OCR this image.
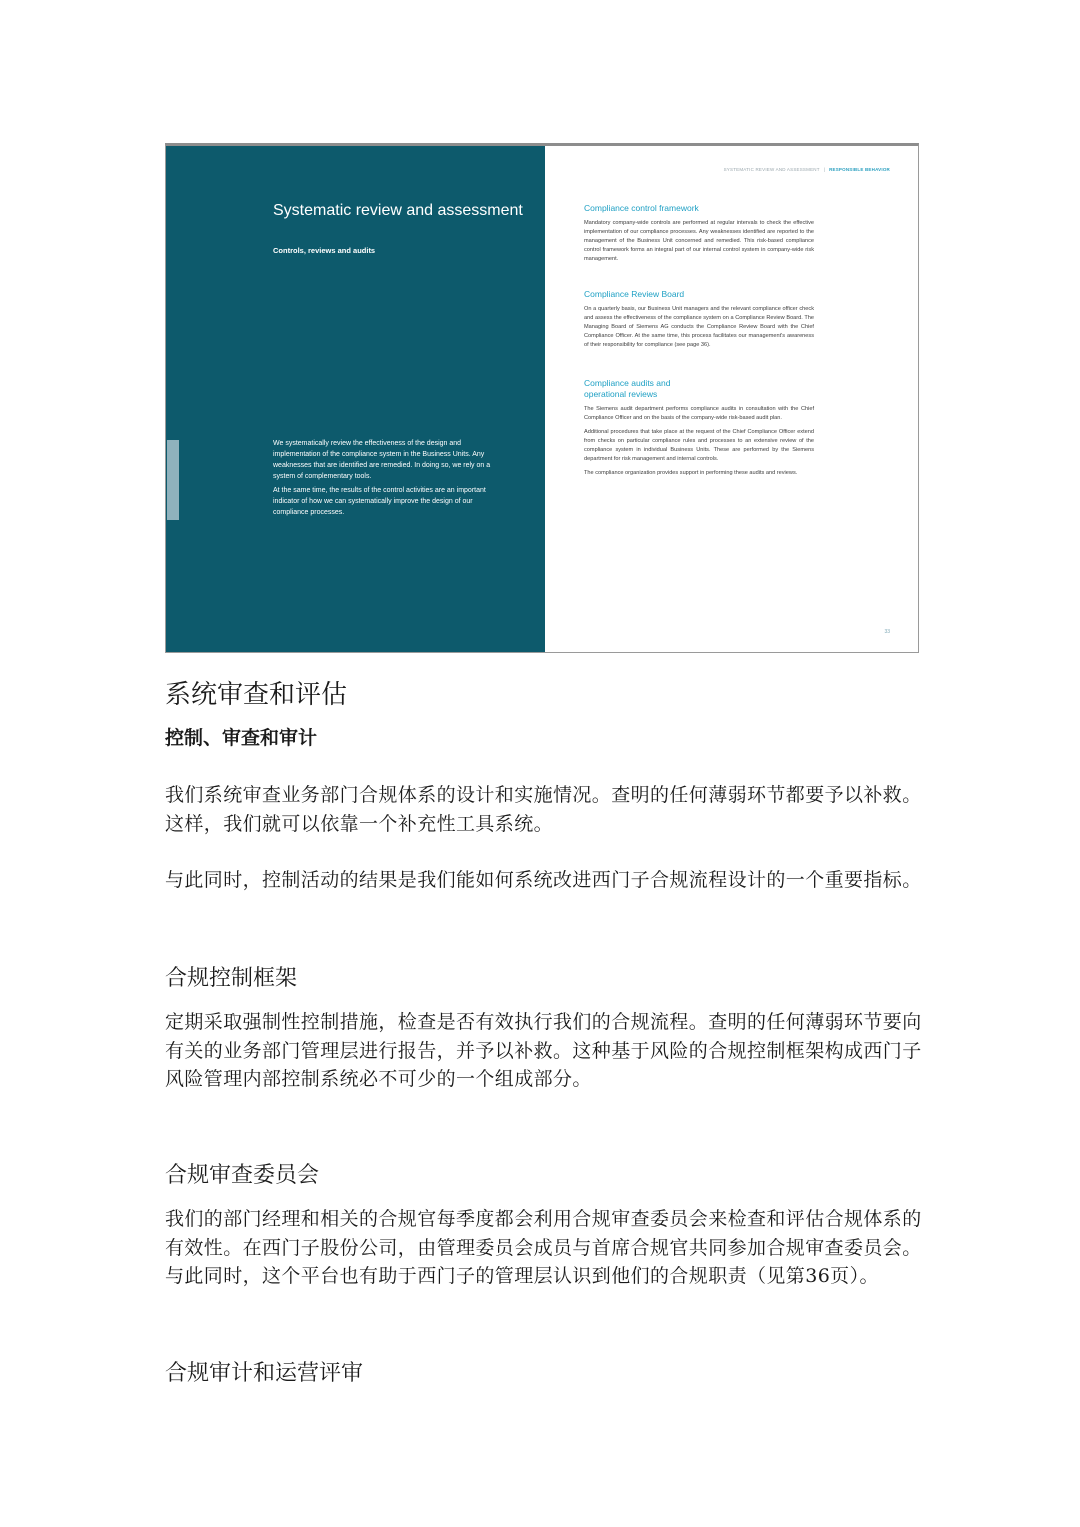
Systematic review and assessment
Controls, reviews and audits

We systematically review the effectiveness of the design and implementation of the compliance system in the Business Units. Any weaknesses that are identified are remedied. In doing so, we rely on a system of complementary tools.

At the same time, the results of the control activities are an important indicator of how we can systematically improve the design of our compliance processes.

SYSTEMATIC REVIEW AND ASSESSMENT | RESPONSIBLE BEHAVIOR
Compliance control framework

Mandatory company-wide controls are performed at regular intervals to check the effective implementation of our compliance processes. Any weaknesses identified are reported to the management of the Business Unit concerned and remedied. This risk-based compliance control framework forms an integral part of our internal control system in company-wide risk management.

Compliance Review Board

On a quarterly basis, our Business Unit managers and the relevant compliance officer check and assess the effectiveness of the compliance system on a Compliance Review Board. The Managing Board of Siemens AG conducts the Compliance Review Board with the Chief Compliance Officer. At the same time, this process facilitates our management's awareness of their responsibility for compliance (see page 36).

Compliance audits and operational reviews

The Siemens audit department performs compliance audits in consultation with the Chief Compliance Officer and on the basis of the company-wide risk-based audit plan.

Additional procedures that take place at the request of the Chief Compliance Officer extend from checks on particular compliance rules and processes to an extensive review of the compliance system in individual Business Units. These are performed by the Siemens department for risk management and internal controls.

The compliance organization provides support in performing these audits and reviews.

33
系统审查和评估
控制、审查和审计

我们系统审查业务部门合规体系的设计和实施情况。查明的任何薄弱环节都要予以补救。这样，我们就可以依靠一个补充性工具系统。

与此同时，控制活动的结果是我们能如何系统改进西门子合规流程设计的一个重要指标。

合规控制框架

定期采取强制性控制措施，检查是否有效执行我们的合规流程。查明的任何薄弱环节要向有关的业务部门管理层进行报告，并予以补救。这种基于风险的合规控制框架构成西门子风险管理内部控制系统必不可少的一个组成部分。

合规审查委员会

我们的部门经理和相关的合规官每季度都会利用合规审查委员会来检查和评估合规体系的有效性。在西门子股份公司，由管理委员会成员与首席合规官共同参加合规审查委员会。与此同时，这个平台也有助于西门子的管理层认识到他们的合规职责（见第36页）。

合规审计和运营评审
